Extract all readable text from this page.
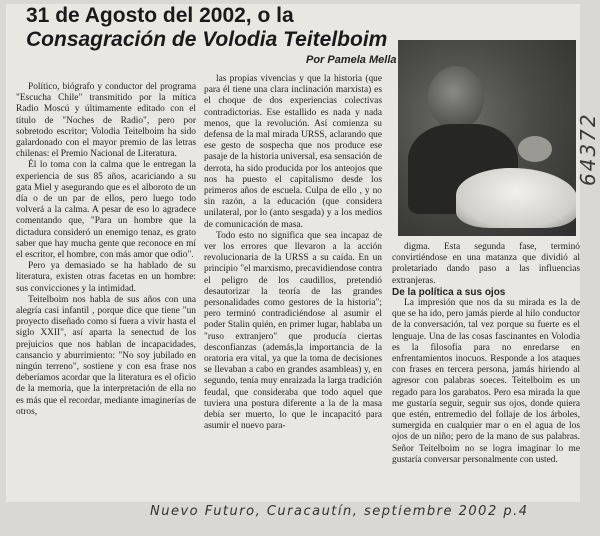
31 de Agosto del 2002, o la
Consagración de Volodia Teitelboim
Por Pamela Mella

Político, biógrafo y conductor del programa "Escucha Chile" transmitido por la mítica Radio Moscú y últimamente editado con el título de "Noches de Radio", pero por sobretodo escritor; Volodia Teitelboim ha sido galardonado con el mayor premio de las letras chilenas: el Premio Nacional de Literatura.

Él lo toma con la calma que le entregan la experiencia de sus 85 años, acariciando a su gata Miel y asegurando que es el alboroto de un día o de un par de ellos, pero luego todo volverá a la calma. A pesar de eso lo agradece comentando que, "Para un hombre que la dictadura consideró un enemigo tenaz, es grato saber que hay mucha gente que reconoce en mí el escritor, el hombre, con más amor que odio".

Pero ya demasiado se ha hablado de su literatura, existen otras facetas en un hombre: sus convicciones y la intimidad.

Teitelboim nos habla de sus años con una alegría casi infantil , porque dice que tiene "un proyecto diseñado como si fuera a vivir hasta el siglo XXII", así aparta la senectud de los prejuicios que nos hablan de incapacidades, cansancio y aburrimiento: "No soy jubilado en ningún terreno", sostiene y con esa frase nos deberíamos acordar que la literatura es el oficio de la memoria, que la interpretación de ella no es más que el recordar, mediante imaginerías de otros,

las propias vivencias y que la historia (que para él tiene una clara inclinación marxista) es el choque de dos experiencias colectivas contradictorias. Ese estallido es nada y nada menos, que la revolución. Así comienza su defensa de la mal mirada URSS, aclarando que ese gesto de sospecha que nos produce ese pasaje de la historia universal, esa sensación de derrota, ha sido producida por los anteojos que nos ha puesto el capitalismo desde los primeros años de escuela. Culpa de ello , y no sin razón, a la educación (que considera unilateral, por lo (anto sesgada) y a los medios de comunicación de masa.

Todo esto no significa que sea incapaz de ver los errores que llevaron a la acción revolucionaria de la URSS a su caída. En un principio "el marxismo, precavidiendose contra el peligro de los caudillos, pretendió desautorizar la teoría de las grandes personalidades como gestores de la historia"; pero terminó contradiciéndose al asumir el poder Stalin quién, en primer lugar, hablaba un "ruso extranjero" que producía ciertas desconfianzas (además,la importancia de la oratoria era vital, ya que la toma de decisiones se llevaban a cabo en grandes asambleas) y, en segundo, tenía muy enraizada la larga tradición feudal, que consideraba que todo aquel que tuviera una postura diferente a la de la masa debía ser muerto, lo que le incapacitó para asumir el nuevo para-

digma. Esta segunda fase, terminó convirtiéndose en una matanza que dividió al proletariado dando paso a las influencias extranjeras.

De la política a sus ojos

La impresión que nos da su mirada es la de que se ha ido, pero jamás pierde al hilo conductor de la conversación, tal vez porque su fuerte es el lenguaje. Una de las cosas fascinantes en Volodia es la filosofía para no enredarse en enfrentamientos inocuos. Responde a los ataques con frases en tercera persona, jamás hiriendo al agresor con palabras soeces. Teitelboim es un regado para los garabatos. Pero esa mirada la que me gustaría seguir, seguir sus ojos, donde quiera que estén, entremedio del follaje de los árboles, sumergida en cualquier mar o en el agua de los ojos de un niño; pero de la mano de sus palabras. Señor Teitelboim no se logra imaginar lo me gustaría conversar personalmente con usted.

64372
Nuevo Futuro, Curacautín, septiembre 2002 p.4
